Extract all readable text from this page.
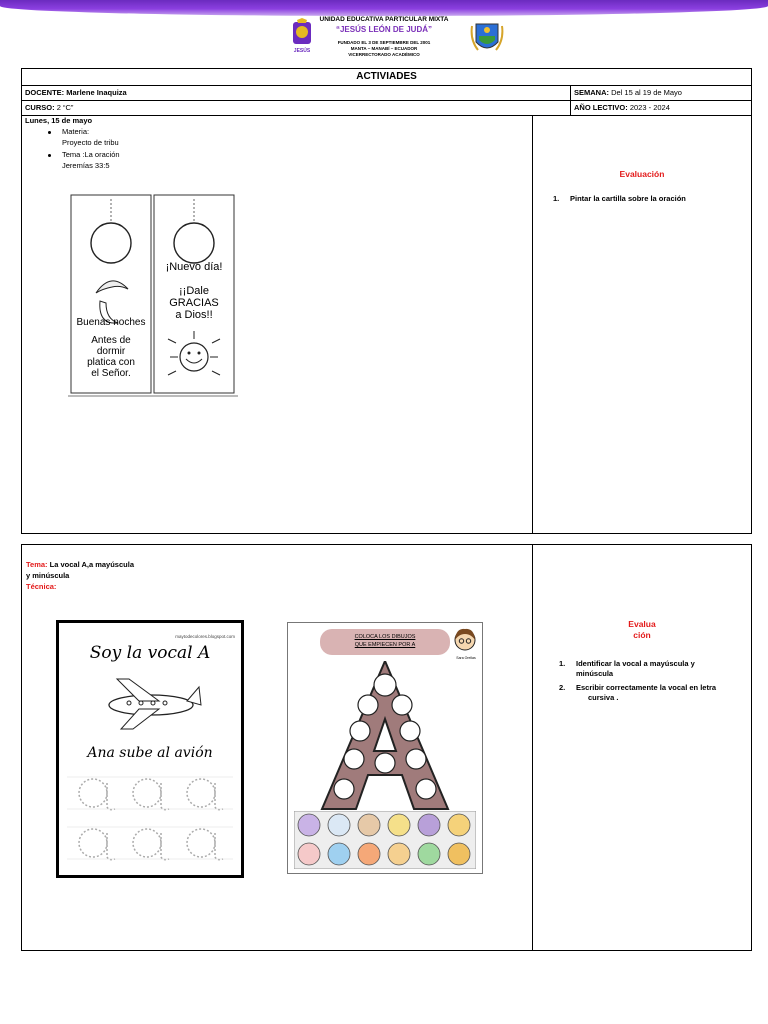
JESÚS
UNIDAD EDUCATIVA PARTICULAR MIXTA
“JESÚS LEÓN DE JUDÁ”
FUNDADO EL 3 DE SEPTIEMBRE DEL 2001
MANTA – MANABÍ – ECUADOR
VICERRECTORADO ACADÉMICO
ACTIVIADES
DOCENTE: Marlene Inaquiza	SEMANA: Del 15 al 19 de Mayo
CURSO: 2 “C”	AÑO LECTIVO: 2023 - 2024
Lunes, 15 de mayo
Materia:
Proyecto de tribu
Tema :La oración
Jeremías 33:5
Buenas noches
Antes de
dormir
platica con
el Señor.
¡Nuevo día!
¡¡Dale
GRACIAS
a Dios!!
Evaluación
1. Pintar la cartilla sobre la oración
Tema: La vocal A,a mayúscula
y minúscula
Técnica:
maytodecolores.blogspot.com
Soy la vocal A
Ana sube al avión
COLOCA LOS DIBUJOS
QUE EMPIECEN POR A
Sara Orellas
Evalua
ción
1. Identificar la vocal a mayúscula y
minúscula
2. Escribir correctamente la vocal en letra
cursiva .
